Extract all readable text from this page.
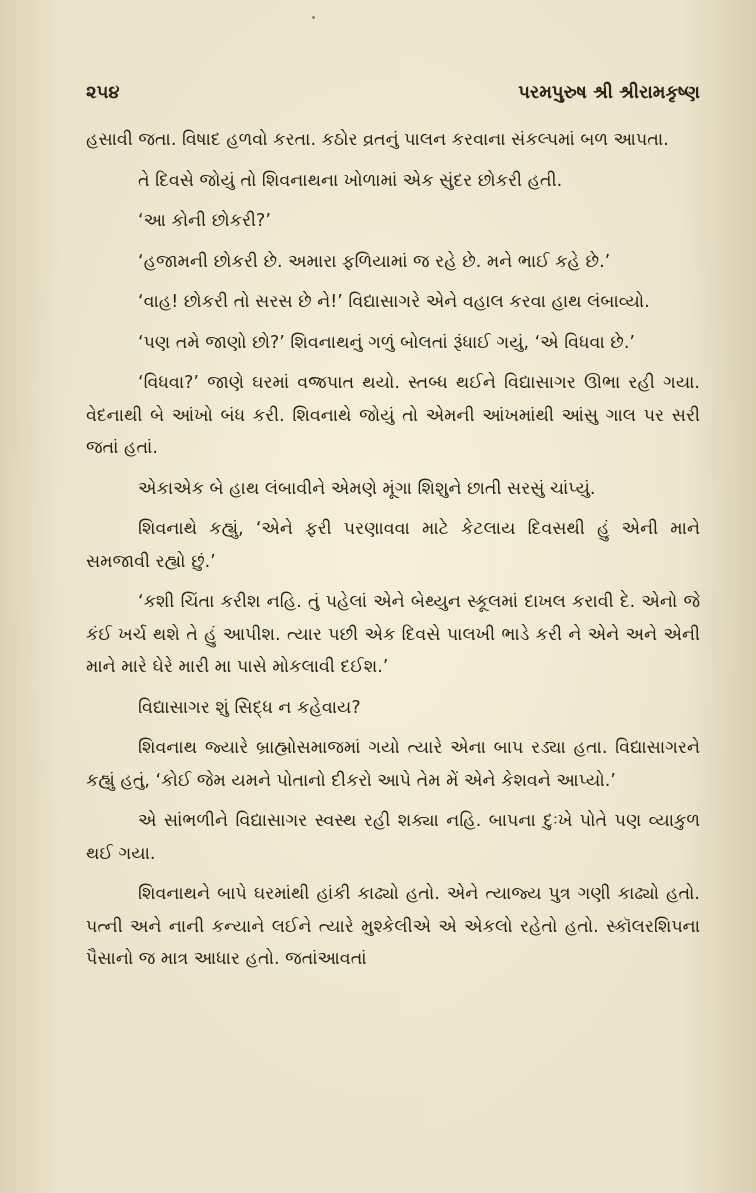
૨૫૪	પરમપુરુષ શ્રી શ્રીરામકૃષ્ણ

હસાવી જતા. વિષાદ હળવો કરતા. કઠોર વ્રતનું પાલન કરવાના સંકલ્પમાં બળ આપતા.

તે દિવસે જોયું તો શિવનાથના ખોળામાં એક સુંદર છોકરી હતી.

‘આ કોની છોકરી?’

‘હજામની છોકરી છે. અમારા ફળિયામાં જ રહે છે. મને ભાઈ કહે છે.’

‘વાહ! છોકરી તો સરસ છે ને!’ વિદ્યાસાગરે એને વહાલ કરવા હાથ લંબાવ્યો.

‘પણ તમે જાણો છો?’ શિવનાથનું ગળું બોલતાં રૂંધાઈ ગયું, ‘એ વિધવા છે.’

‘વિધવા?’ જાણે ઘરમાં વજ્રપાત થયો. સ્તબ્ધ થઈને વિદ્યાસાગર ઊભા રહી ગયા. વેદનાથી બે આંખો બંધ કરી. શિવનાથે જોયું તો એમની આંખમાંથી આંસુ ગાલ પર સરી જતાં હતાં.

એકાએક બે હાથ લંબાવીને એમણે મૂંગા શિશુને છાતી સરસું ચાંપ્યું.

શિવનાથે કહ્યું, ‘એને ફરી પરણાવવા માટે કેટલાય દિવસથી હું એની માને સમજાવી રહ્યો છું.’

‘કશી ચિંતા કરીશ નહિ. તું પહેલાં એને બેથ્યુન સ્કૂલમાં દાખલ કરાવી દે. એનો જે કંઈ ખર્ચ થશે તે હું આપીશ. ત્યાર પછી એક દિવસે પાલખી ભાડે કરી ને એને અને એની માને મારે ઘેરે મારી મા પાસે મોકલાવી દઈશ.’

વિદ્યાસાગર શું સિદ્ધ ન કહેવાય?

શિવનાથ જ્યારે બ્રાહ્મોસમાજમાં ગયો ત્યારે એના બાપ રડ્યા હતા. વિદ્યાસાગરને કહ્યું હતું, ‘કોઈ જેમ યમને પોતાનો દીકરો આપે તેમ મેં એને કેશવને આપ્યો.’

એ સાંભળીને વિદ્યાસાગર સ્વસ્થ રહી શક્યા નહિ. બાપના દુઃખે પોતે પણ વ્યાકુળ થઈ ગયા.

શિવનાથને બાપે ઘરમાંથી હાંકી કાઢ્યો હતો. એને ત્યાજ્ય પુત્ર ગણી કાઢ્યો હતો. પત્ની અને નાની કન્યાને લઈને ત્યારે મુશ્કેલીએ એ એકલો રહેતો હતો. સ્કૉલરશિપના પૈસાનો જ માત્ર આધાર હતો. જતાંઆવતાં
